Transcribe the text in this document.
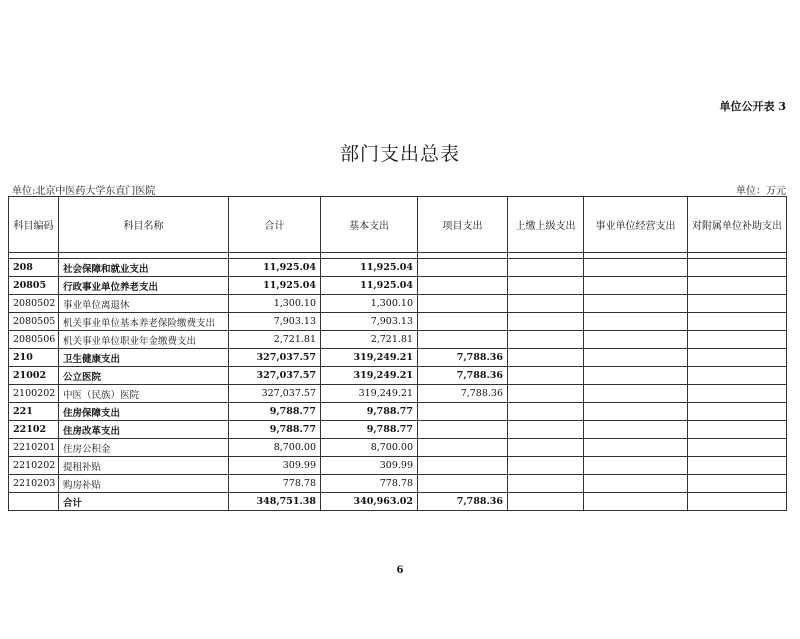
单位公开表 3
部门支出总表
单位:北京中医药大学东直门医院	单位：万元
科目编码	科目名称	合计	基本支出	项目支出	上缴上级支出	事业单位经营支出	对附属单位补助支出

208	社会保障和就业支出	11,925.04	11,925.04				
20805	行政事业单位养老支出	11,925.04	11,925.04				
2080502	事业单位离退休	1,300.10	1,300.10				
2080505	机关事业单位基本养老保险缴费支出	7,903.13	7,903.13				
2080506	机关事业单位职业年金缴费支出	2,721.81	2,721.81				
210	卫生健康支出	327,037.57	319,249.21	7,788.36			
21002	公立医院	327,037.57	319,249.21	7,788.36			
2100202	中医（民族）医院	327,037.57	319,249.21	7,788.36			
221	住房保障支出	9,788.77	9,788.77				
22102	住房改革支出	9,788.77	9,788.77				
2210201	住房公积金	8,700.00	8,700.00				
2210202	提租补贴	309.99	309.99				
2210203	购房补贴	778.78	778.78				
	合计	348,751.38	340,963.02	7,788.36			
6
